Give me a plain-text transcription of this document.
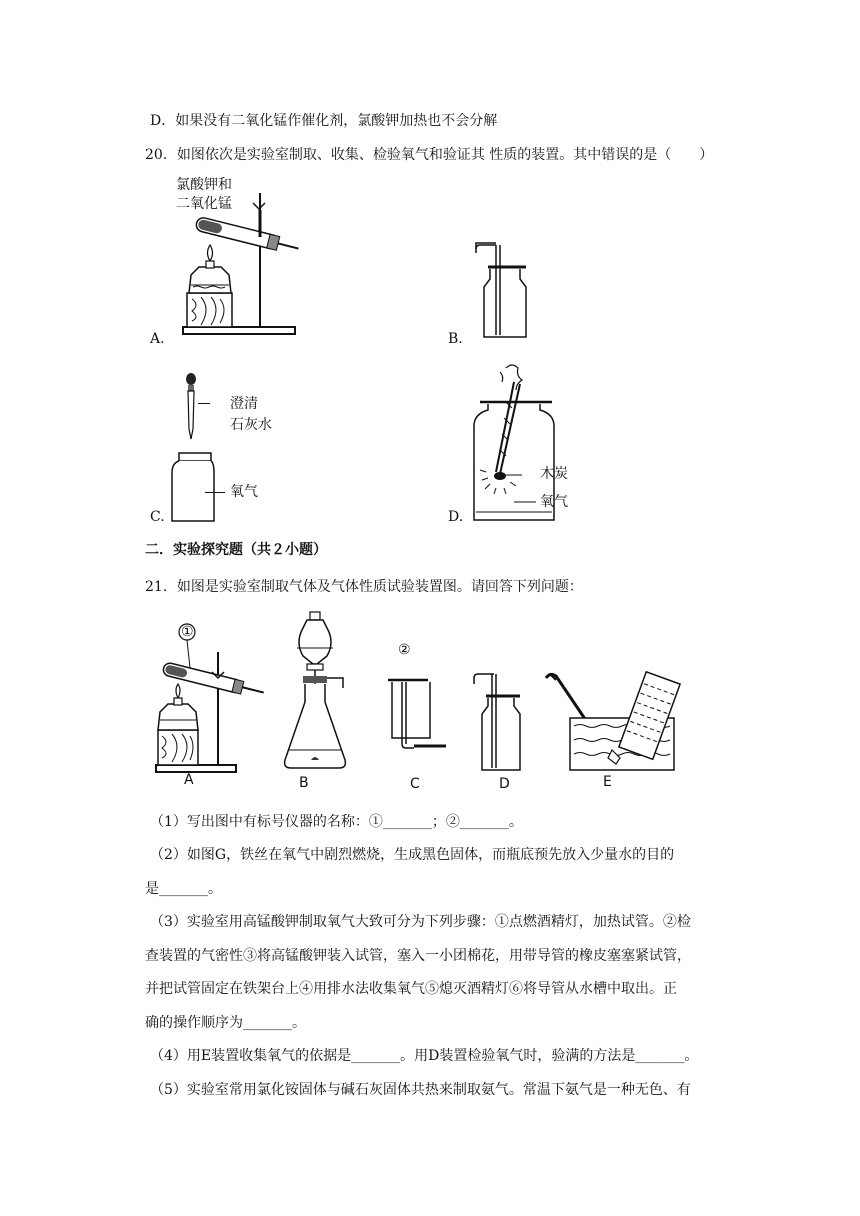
D．如果没有二氧化锰作催化剂，氯酸钾加热也不会分解
20．如图依次是实验室制取、收集、检验氧气和验证其 性质的装置。其中错误的是（　　）
氯酸钾和
二氧化锰
A.	B.
澄清
石灰水
氧气
C.
木炭
氧气
D.
二．实验探究题（共２小题）
21．如图是实验室制取气体及气体性质试验装置图。请回答下列问题：
A
①
B
②
C	D	E
（1）写出图中有标号仪器的名称：①_______；②_______。
（2）如图G，铁丝在氧气中剧烈燃烧，生成黑色固体，而瓶底预先放入少量水的目的
是_______。
（3）实验室用高锰酸钾制取氧气大致可分为下列步骤：①点燃酒精灯，加热试管。②检
查装置的气密性③将高锰酸钾装入试管，塞入一小团棉花，用带导管的橡皮塞塞紧试管，
并把试管固定在铁架台上④用排水法收集氧气⑤熄灭酒精灯⑥将导管从水槽中取出。正
确的操作顺序为_______。
（4）用E装置收集氧气的依据是_______。用D装置检验氧气时，验满的方法是_______。
（5）实验室常用氯化铵固体与碱石灰固体共热来制取氨气。常温下氨气是一种无色、有
